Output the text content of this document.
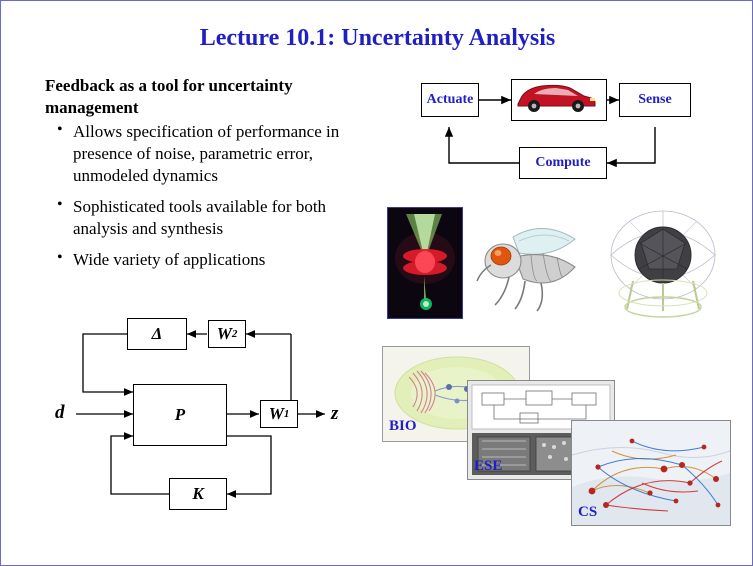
Lecture 10.1: Uncertainty Analysis
Feedback as a tool for uncertainty management
• Allows specification of performance in presence of noise, parametric error, unmodeled dynamics
• Sophisticated tools available for both analysis and synthesis
• Wide variety of applications
Actuate	Sense
Compute
Δ	W 2
P	W 1
K
d	z
BIO
ESE
CS
